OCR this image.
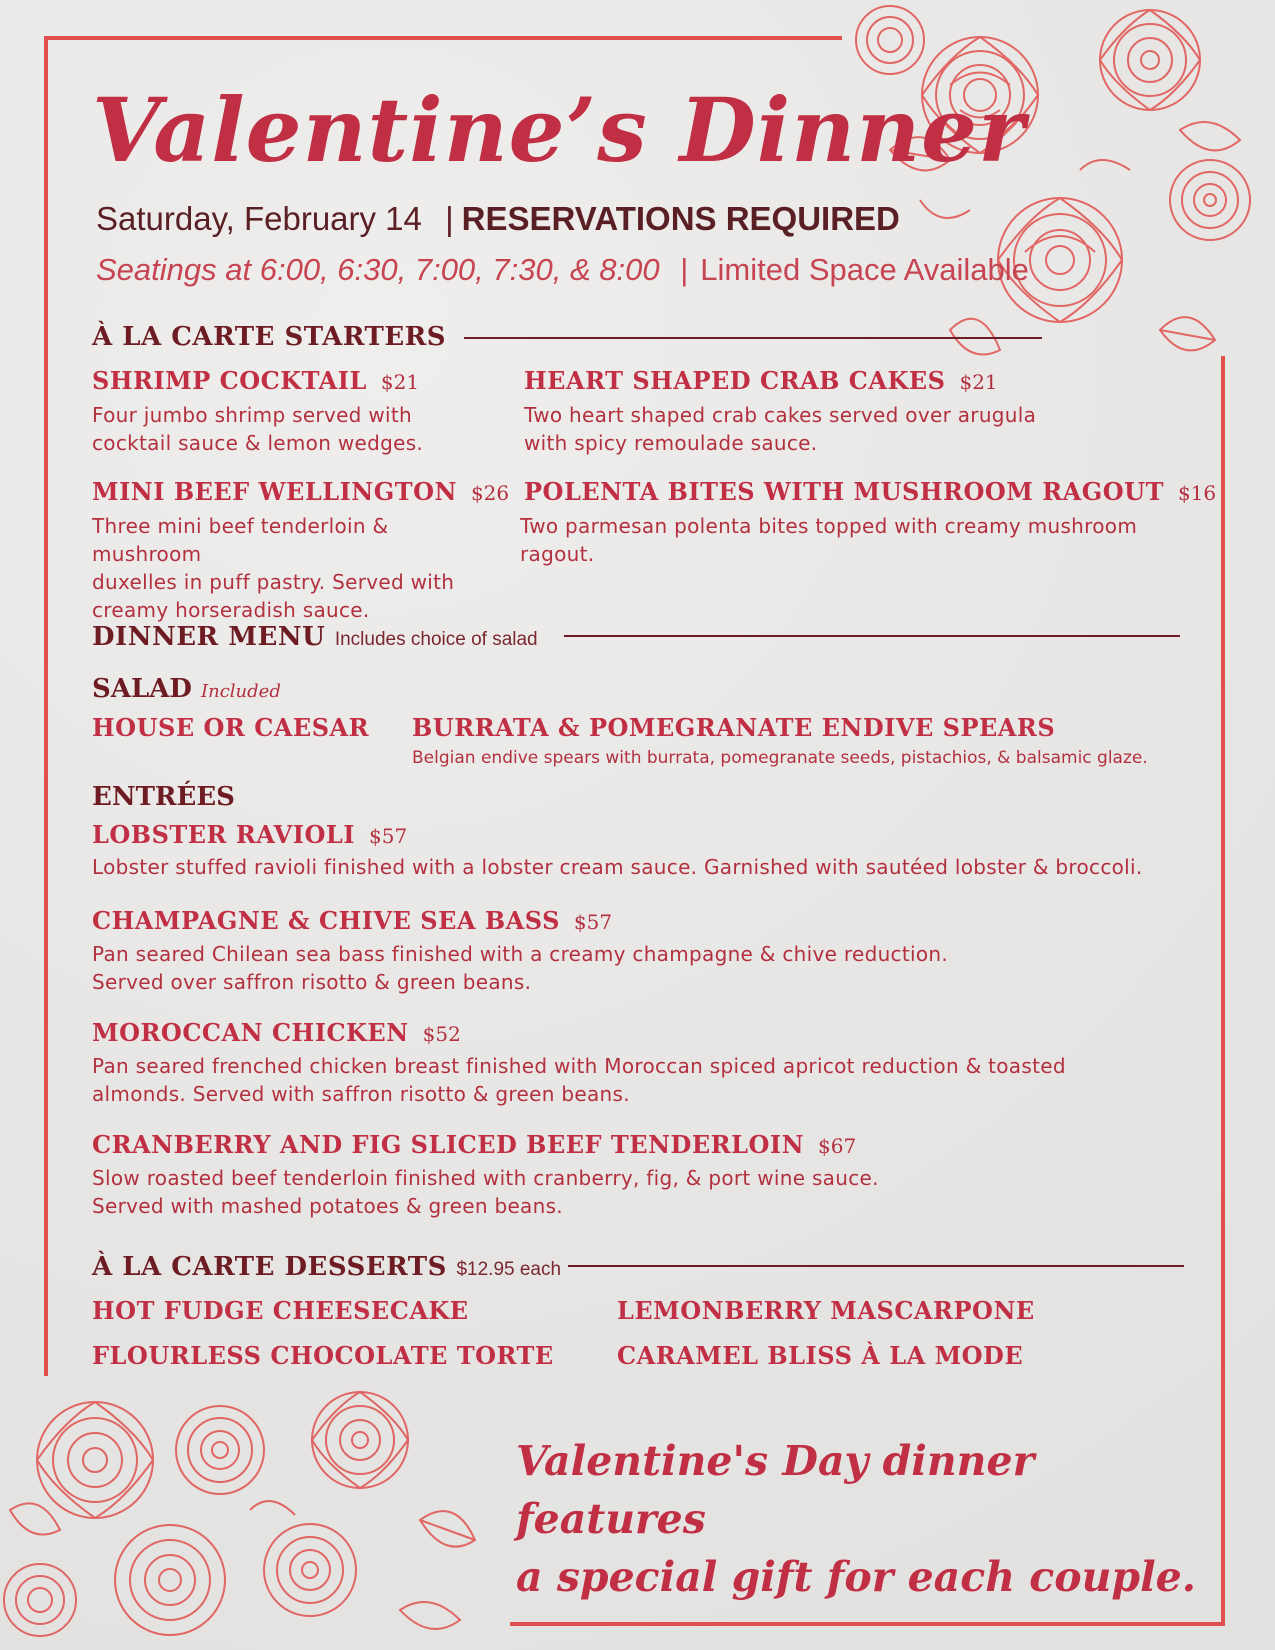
Valentine’s Dinner
Saturday, February 14 | RESERVATIONS REQUIRED
Seatings at 6:00, 6:30, 7:00, 7:30, & 8:00 | Limited Space Available
À LA CARTE STARTERS
SHRIMP COCKTAIL $21
Four jumbo shrimp served with
cocktail sauce & lemon wedges.
HEART SHAPED CRAB CAKES $21
Two heart shaped crab cakes served over arugula
with spicy remoulade sauce.
MINI BEEF WELLINGTON $26
Three mini beef tenderloin & mushroom
duxelles in puff pastry. Served with
creamy horseradish sauce.
POLENTA BITES WITH MUSHROOM RAGOUT $16
Two parmesan polenta bites topped with creamy mushroom
ragout.
DINNER MENU Includes choice of salad
SALAD Included
HOUSE OR CAESAR BURRATA & POMEGRANATE ENDIVE SPEARS
Belgian endive spears with burrata, pomegranate seeds, pistachios, & balsamic glaze.
ENTRÉES
LOBSTER RAVIOLI $57
Lobster stuffed ravioli finished with a lobster cream sauce. Garnished with sautéed lobster & broccoli.
CHAMPAGNE & CHIVE SEA BASS $57
Pan seared Chilean sea bass finished with a creamy champagne & chive reduction.
Served over saffron risotto & green beans.
MOROCCAN CHICKEN $52
Pan seared frenched chicken breast finished with Moroccan spiced apricot reduction & toasted
almonds. Served with saffron risotto & green beans.
CRANBERRY AND FIG SLICED BEEF TENDERLOIN $67
Slow roasted beef tenderloin finished with cranberry, fig, & port wine sauce.
Served with mashed potatoes & green beans.
À LA CARTE DESSERTS $12.95 each
HOT FUDGE CHEESECAKE	LEMONBERRY MASCARPONE
FLOURLESS CHOCOLATE TORTE	CARAMEL BLISS À LA MODE
Valentine's Day dinner features
a special gift for each couple.
